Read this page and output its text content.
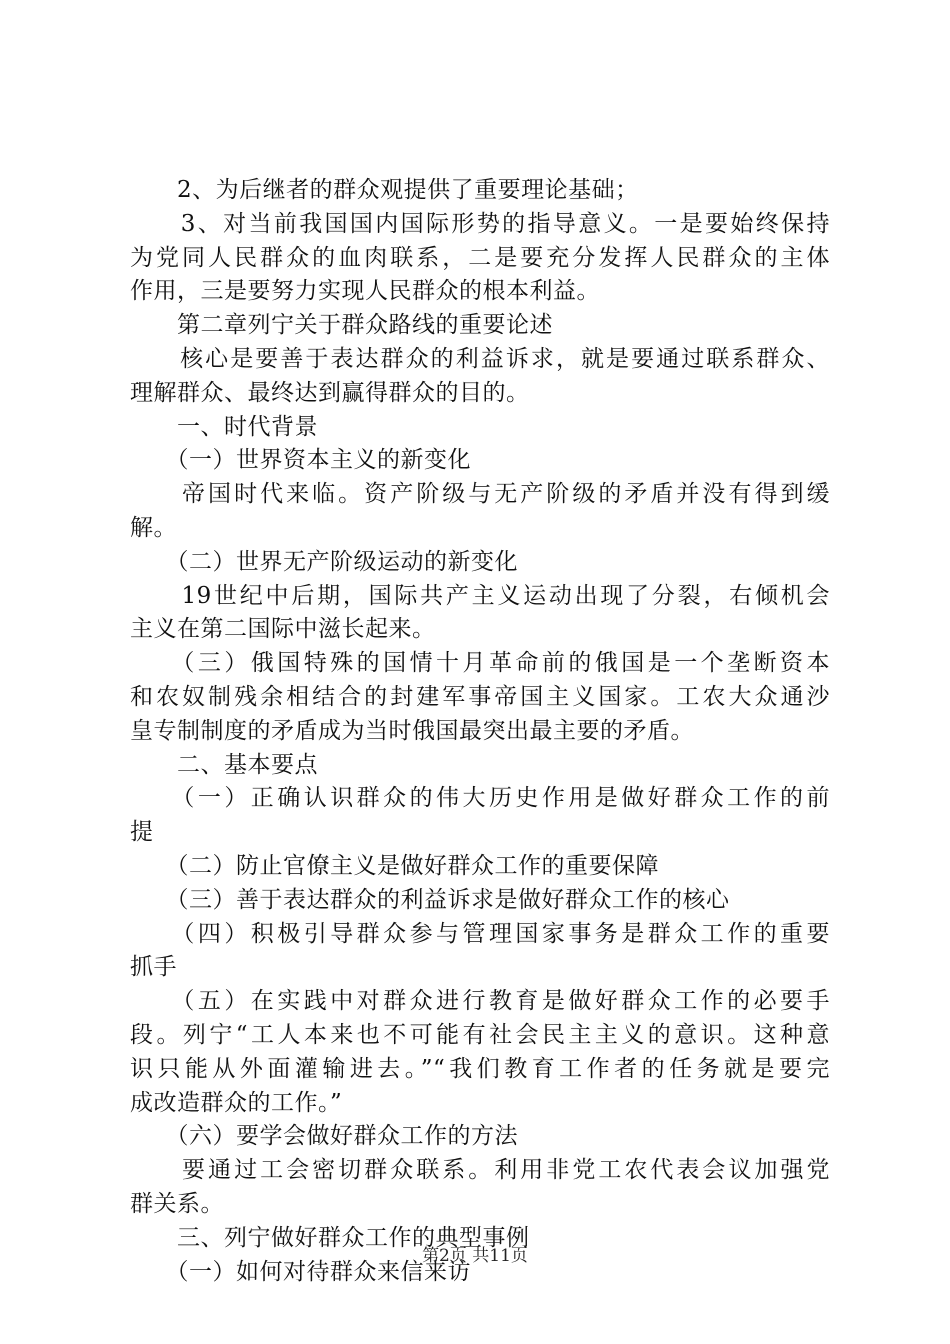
　　2、为后继者的群众观提供了重要理论基础；
　　3、对当前我国国内国际形势的指导意义。一是要始终保持
为党同人民群众的血肉联系，二是要充分发挥人民群众的主体
作用，三是要努力实现人民群众的根本利益。
　　第二章列宁关于群众路线的重要论述
　　核心是要善于表达群众的利益诉求，就是要通过联系群众、
理解群众、最终达到赢得群众的目的。
　　一、时代背景
　　（一）世界资本主义的新变化
　　帝国时代来临。资产阶级与无产阶级的矛盾并没有得到缓
解。
　　（二）世界无产阶级运动的新变化
　　19世纪中后期，国际共产主义运动出现了分裂，右倾机会
主义在第二国际中滋长起来。
　　（三）俄国特殊的国情十月革命前的俄国是一个垄断资本
和农奴制残余相结合的封建军事帝国主义国家。工农大众通沙
皇专制制度的矛盾成为当时俄国最突出最主要的矛盾。
　　二、基本要点
　　（一）正确认识群众的伟大历史作用是做好群众工作的前
提
　　（二）防止官僚主义是做好群众工作的重要保障
　　（三）善于表达群众的利益诉求是做好群众工作的核心
　　（四）积极引导群众参与管理国家事务是群众工作的重要
抓手
　　（五）在实践中对群众进行教育是做好群众工作的必要手
段。列宁“工人本来也不可能有社会民主主义的意识。这种意
识只能从外面灌输进去。”“我们教育工作者的任务就是要完
成改造群众的工作。”
　　（六）要学会做好群众工作的方法
　　要通过工会密切群众联系。利用非党工农代表会议加强党
群关系。
　　三、列宁做好群众工作的典型事例
　　（一）如何对待群众来信来访
第2页 共11页
